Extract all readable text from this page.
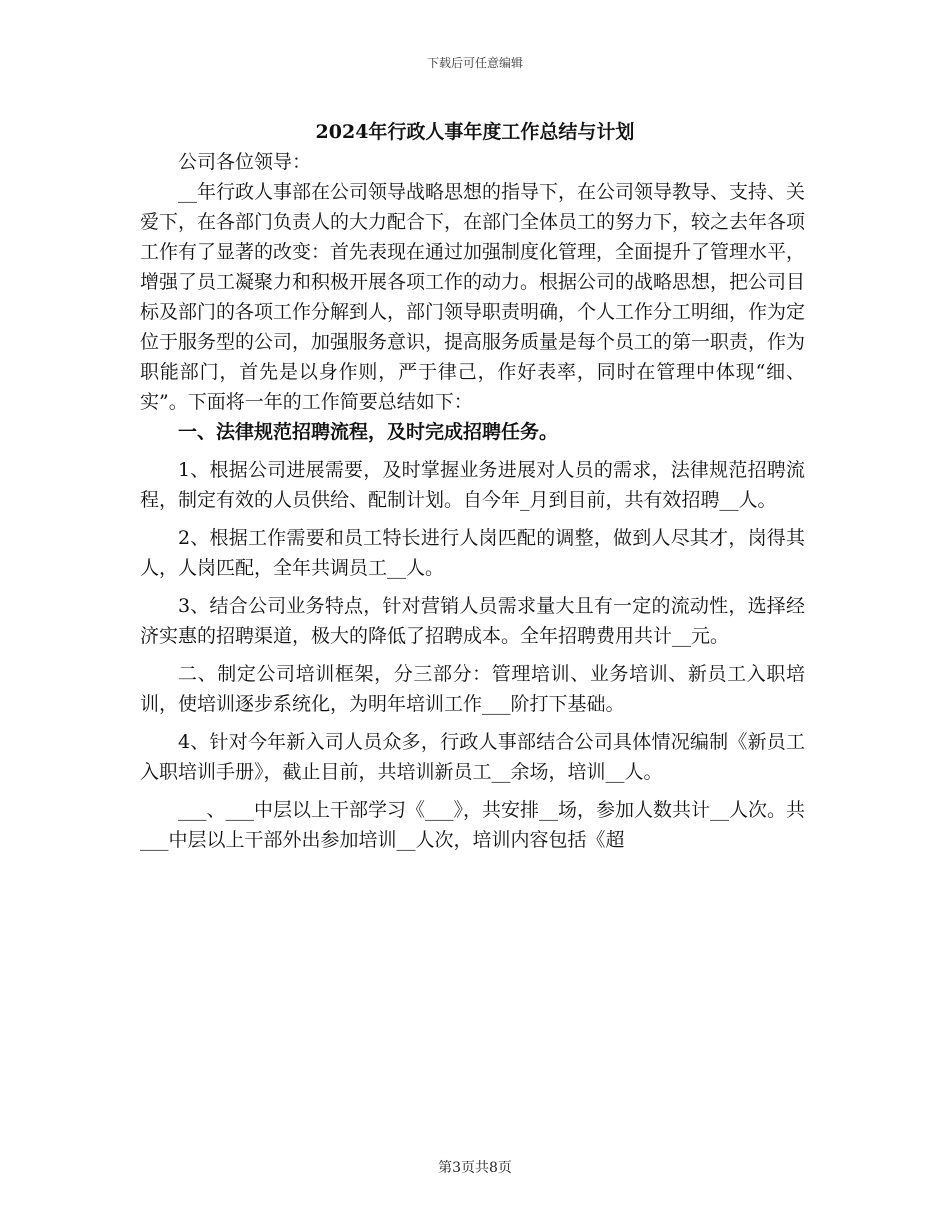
下载后可任意编辑
2024年行政人事年度工作总结与计划

公司各位领导：

__年行政人事部在公司领导战略思想的指导下，在公司领导教导、支持、关爱下，在各部门负责人的大力配合下，在部门全体员工的努力下，较之去年各项工作有了显著的改变：首先表现在通过加强制度化管理，全面提升了管理水平，增强了员工凝聚力和积极开展各项工作的动力。根据公司的战略思想，把公司目标及部门的各项工作分解到人，部门领导职责明确，个人工作分工明细，作为定位于服务型的公司，加强服务意识，提高服务质量是每个员工的第一职责，作为职能部门，首先是以身作则，严于律己，作好表率，同时在管理中体现“细、实”。下面将一年的工作简要总结如下：

一、法律规范招聘流程，及时完成招聘任务。

1、根据公司进展需要，及时掌握业务进展对人员的需求，法律规范招聘流程，制定有效的人员供给、配制计划。自今年_月到目前，共有效招聘__人。

2、根据工作需要和员工特长进行人岗匹配的调整，做到人尽其才，岗得其人，人岗匹配，全年共调员工__人。

3、结合公司业务特点，针对营销人员需求量大且有一定的流动性，选择经济实惠的招聘渠道，极大的降低了招聘成本。全年招聘费用共计__元。

二、制定公司培训框架，分三部分：管理培训、业务培训、新员工入职培训，使培训逐步系统化，为明年培训工作___阶打下基础。

4、针对今年新入司人员众多，行政人事部结合公司具体情况编制《新员工入职培训手册》，截止目前，共培训新员工__余场，培训__人。

___、___中层以上干部学习《___》，共安排__场，参加人数共计__人次。共___中层以上干部外出参加培训__人次，培训内容包括《超

第3页共8页
